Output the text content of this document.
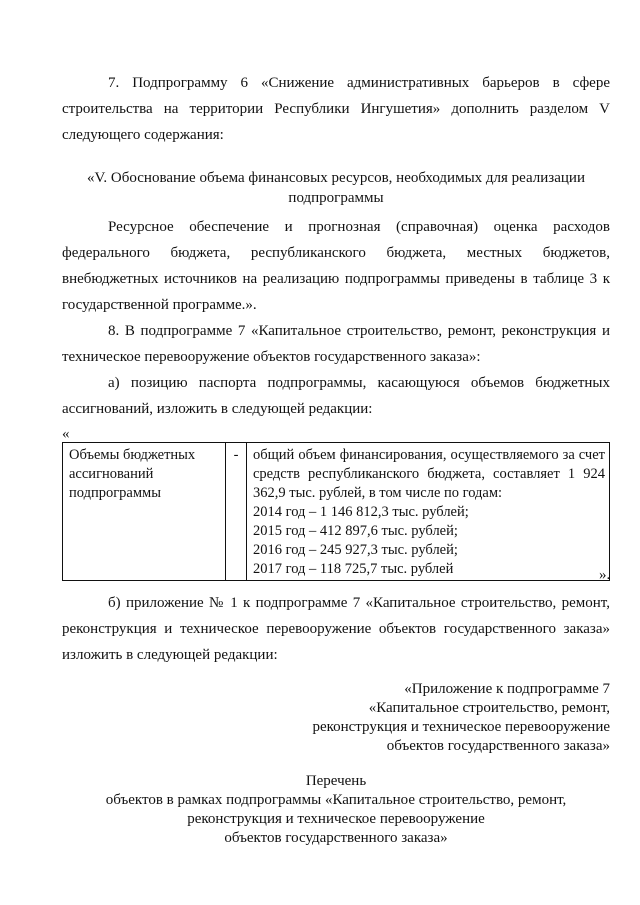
7. Подпрограмму 6 «Снижение административных барьеров в сфере строительства на территории Республики Ингушетия» дополнить разделом V следующего содержания:

«V. Обоснование объема финансовых ресурсов, необходимых для реализации
подпрограммы

Ресурсное обеспечение и прогнозная (справочная) оценка расходов федерального бюджета, республиканского бюджета, местных бюджетов, внебюджетных источников на реализацию подпрограммы приведены в таблице 3 к государственной программе.».

8. В подпрограмме 7 «Капитальное строительство, ремонт, реконструкция и техническое перевооружение объектов государственного заказа»:

а) позицию паспорта подпрограммы, касающуюся объемов бюджетных ассигнований, изложить в следующей редакции:

«
Объемы бюджетных ассигнований подпрограммы	-	общий объем финансирования, осуществляемого за счет средств республиканского бюджета, составляет 1 924 362,9 тыс. рублей, в том числе по годам:
2014 год – 1 146 812,3 тыс. рублей;
2015 год – 412 897,6 тыс. рублей;
2016 год – 245 927,3 тыс. рублей;
2017 год – 118 725,7 тыс. рублей	».

б) приложение № 1 к подпрограмме 7 «Капитальное строительство, ремонт, реконструкция и техническое перевооружение объектов государственного заказа» изложить в следующей редакции:

«Приложение к подпрограмме 7
«Капитальное строительство, ремонт,
реконструкция и техническое перевооружение
объектов государственного заказа»
Перечень
объектов в рамках подпрограммы «Капитальное строительство, ремонт,
реконструкция и техническое перевооружение
объектов государственного заказа»
